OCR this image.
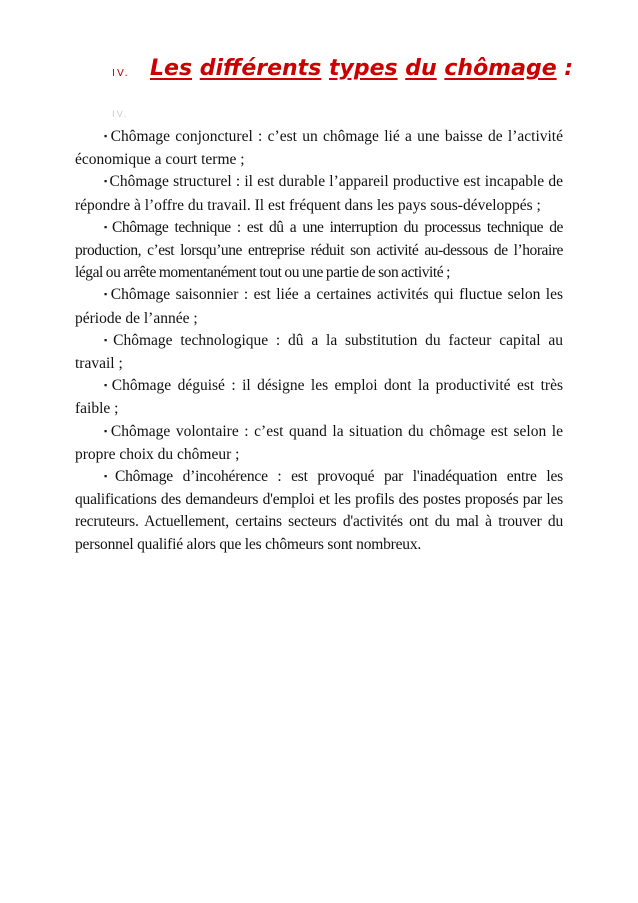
IV. Les différents types du chômage :
IV.

▪ Chômage conjoncturel : c’est un chômage lié a une baisse de l’activité économique a court terme ;

▪ Chômage structurel : il est durable l’appareil productive est incapable de répondre à l’offre du travail. Il est fréquent dans les pays sous-développés ;

▪ Chômage technique : est dû a une interruption du processus technique de production, c’est lorsqu’une entreprise réduit son activité au-dessous de l’horaire légal ou arrête momentanément tout ou une partie de son activité ;

▪ Chômage saisonnier : est liée a certaines activités qui fluctue selon les période de l’année ;

▪ Chômage technologique : dû a la substitution du facteur capital au travail ;

▪ Chômage déguisé : il désigne les emploi dont la productivité est très faible ;

▪ Chômage volontaire : c’est quand la situation du chômage est selon le propre choix du chômeur ;

▪ Chômage d’incohérence : est provoqué par l'inadéquation entre les qualifications des demandeurs d'emploi et les profils des postes proposés par les recruteurs. Actuellement, certains secteurs d'activités ont du mal à trouver du personnel qualifié alors que les chômeurs sont nombreux.
